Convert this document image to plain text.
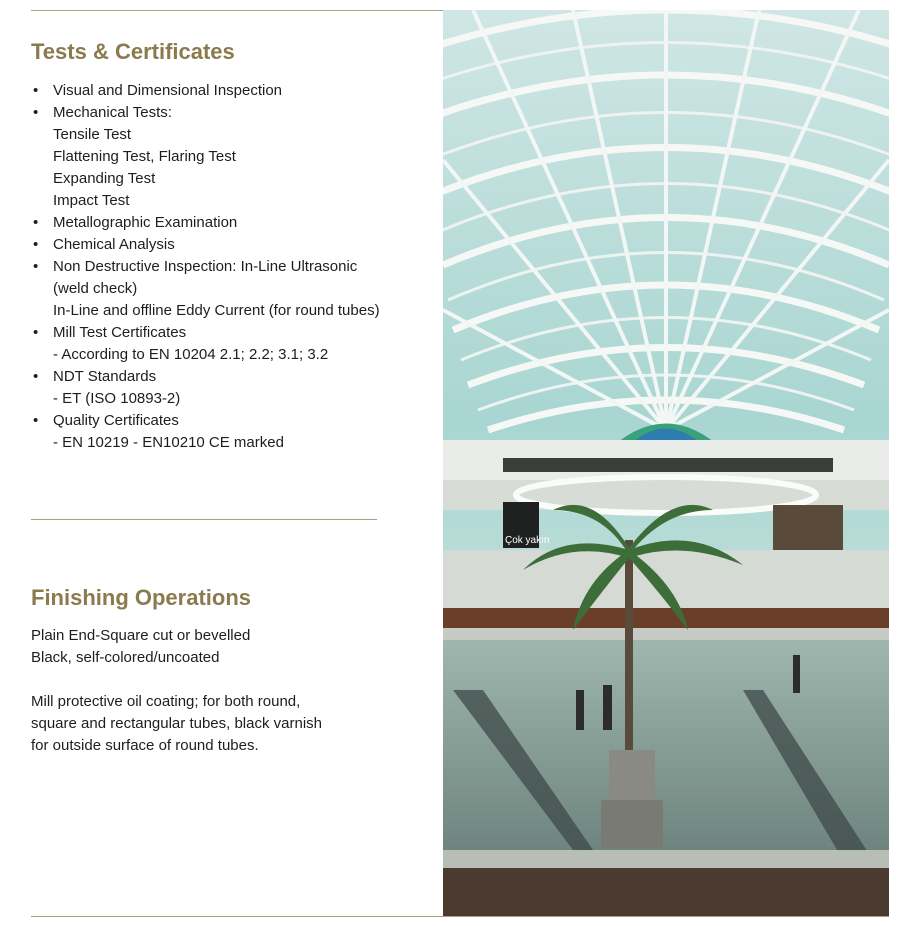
Tests & Certificates
• Visual and Dimensional Inspection
• Mechanical Tests:
Tensile Test
Flattening Test, Flaring Test
Expanding Test
Impact Test
• Metallographic Examination
• Chemical Analysis
• Non Destructive Inspection: In-Line Ultrasonic
(weld check)
In-Line and offline Eddy Current (for round tubes)
• Mill Test Certificates
- According to EN 10204 2.1; 2.2; 3.1; 3.2
• NDT Standards
- ET (ISO 10893-2)
• Quality Certificates
- EN 10219 - EN10210 CE marked
Finishing Operations

Plain End-Square cut or bevelled
Black, self-colored/uncoated

Mill protective oil coating; for both round,
square and rectangular tubes, black varnish
for outside surface of round tubes.

Çok yakın
